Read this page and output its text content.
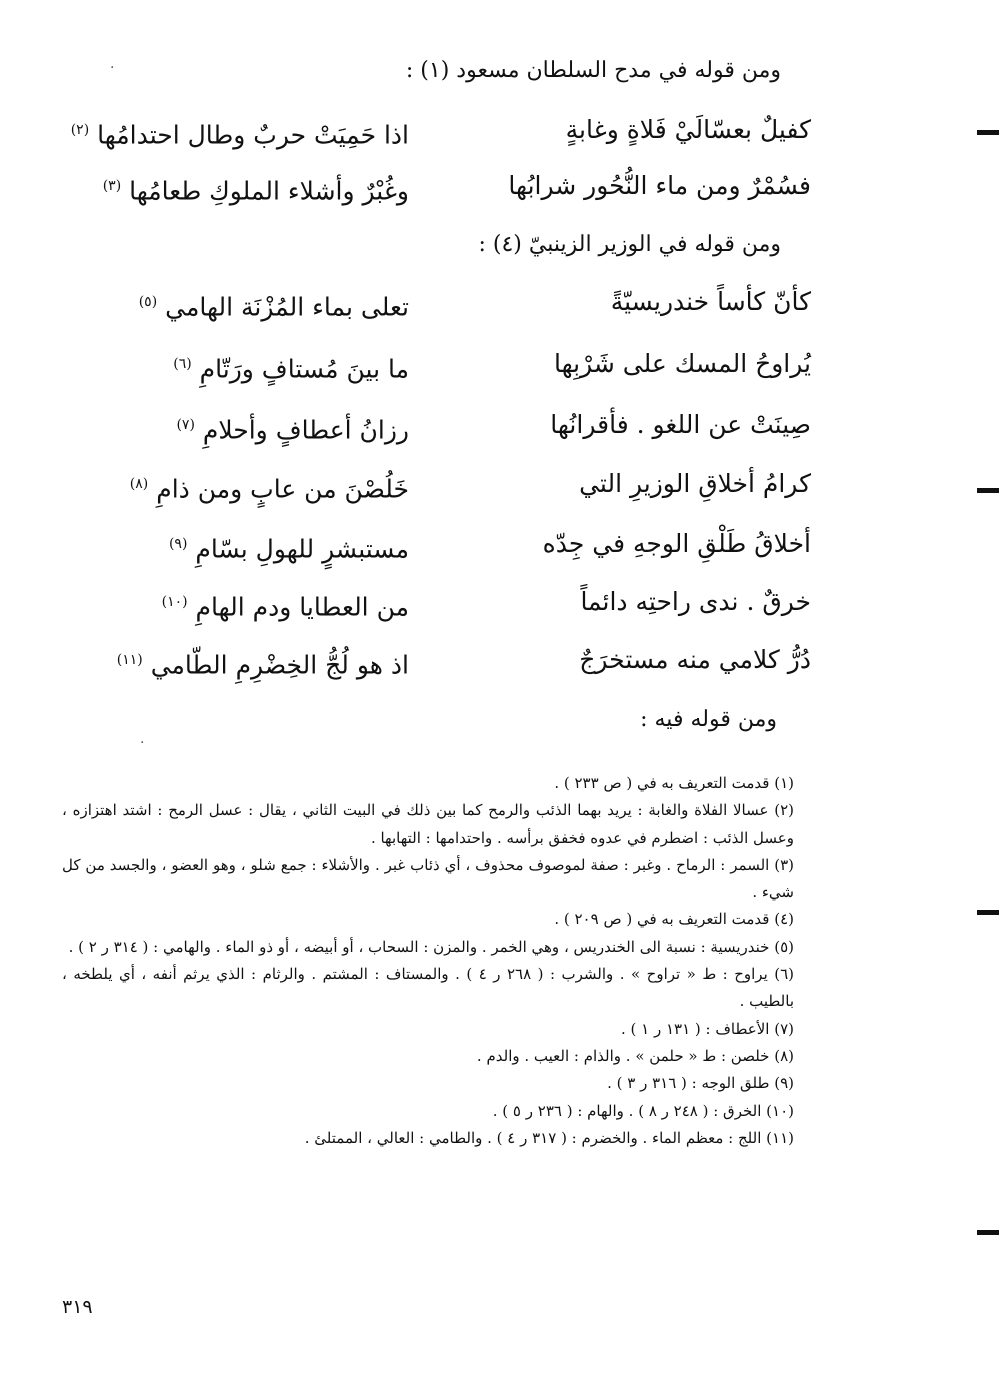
ومن قوله في مدح السلطان مسعود (١) :
كفيلٌ بعسّالَيْ فَلاةٍ وغابةٍ
اذا حَمِيَتْ حربٌ وطال احتدامُها $^{(٢)}$
فسُمْرٌ ومن ماء النُّحُور شرابُها
وغُبْرٌ وأشلاء الملوكِ طعامُها $^{(٣)}$
ومن قوله في الوزير الزينبيّ (٤) :
كأنّ كأساً خندريسيّةً
تعلى بماء المُزْنَة الهامي $^{(٥)}$
يُراوحُ المسك على شَرْبِها
ما بينَ مُستافٍ ورَتّامِ $^{(٦)}$
صِينَتْ عن اللغو . فأقرانُها
رزانُ أعطافٍ وأحلامِ $^{(٧)}$
كرامُ أخلاقِ الوزيرِ التي
خَلُصْنَ من عابٍ ومن ذامِ $^{(٨)}$
أخلاقُ طَلْقِ الوجهِ في جِدّه
مستبشرٍ للهولِ بسّامِ $^{(٩)}$
خرقٌ . ندى راحتِه دائماً
من العطايا ودم الهامِ $^{(١٠)}$
دُرُّ كلامي منه مستخرَجٌ
اذ هو لُجُّ الخِضْرِمِ الطّامي $^{(١١)}$
ومن قوله فيه :

(١) قدمت التعريف به في ( ص ٢٣٣ ) .

(٢) عسالا الفلاة والغابة : يريد بهما الذئب والرمح كما بين ذلك في البيت الثاني ، يقال : عسل الرمح : اشتد اهتزازه ، وعسل الذئب : اضطرم في عدوه فخفق برأسه . واحتدامها : التهابها .

(٣) السمر : الرماح . وغبر : صفة لموصوف محذوف ، أي ذئاب غبر . والأشلاء : جمع شلو ، وهو العضو ، والجسد من كل شيء .

(٤) قدمت التعريف به في ( ص ٢٠٩ ) .

(٥) خندريسية : نسبة الى الخندريس ، وهي الخمر . والمزن : السحاب ، أو أبيضه ، أو ذو الماء . والهامي : ( ٣١٤ ر ٢ ) .

(٦) يراوح : ط « تراوح » . والشرب : ( ٢٦٨ ر ٤ ) . والمستاف : المشتم . والرثام : الذي يرثم أنفه ، أي يلطخه ، بالطيب .

(٧) الأعطاف : ( ١٣١ ر ١ ) .

(٨) خلصن : ط « حلمن » . والذام : العيب . والدم .

(٩) طلق الوجه : ( ٣١٦ ر ٣ ) .

(١٠) الخرق : ( ٢٤٨ ر ٨ ) . والهام : ( ٢٣٦ ر ٥ ) .

(١١) اللج : معظم الماء . والخضرم : ( ٣١٧ ر ٤ ) . والطامي : العالي ، الممتلئ .

٣١٩
·
·
